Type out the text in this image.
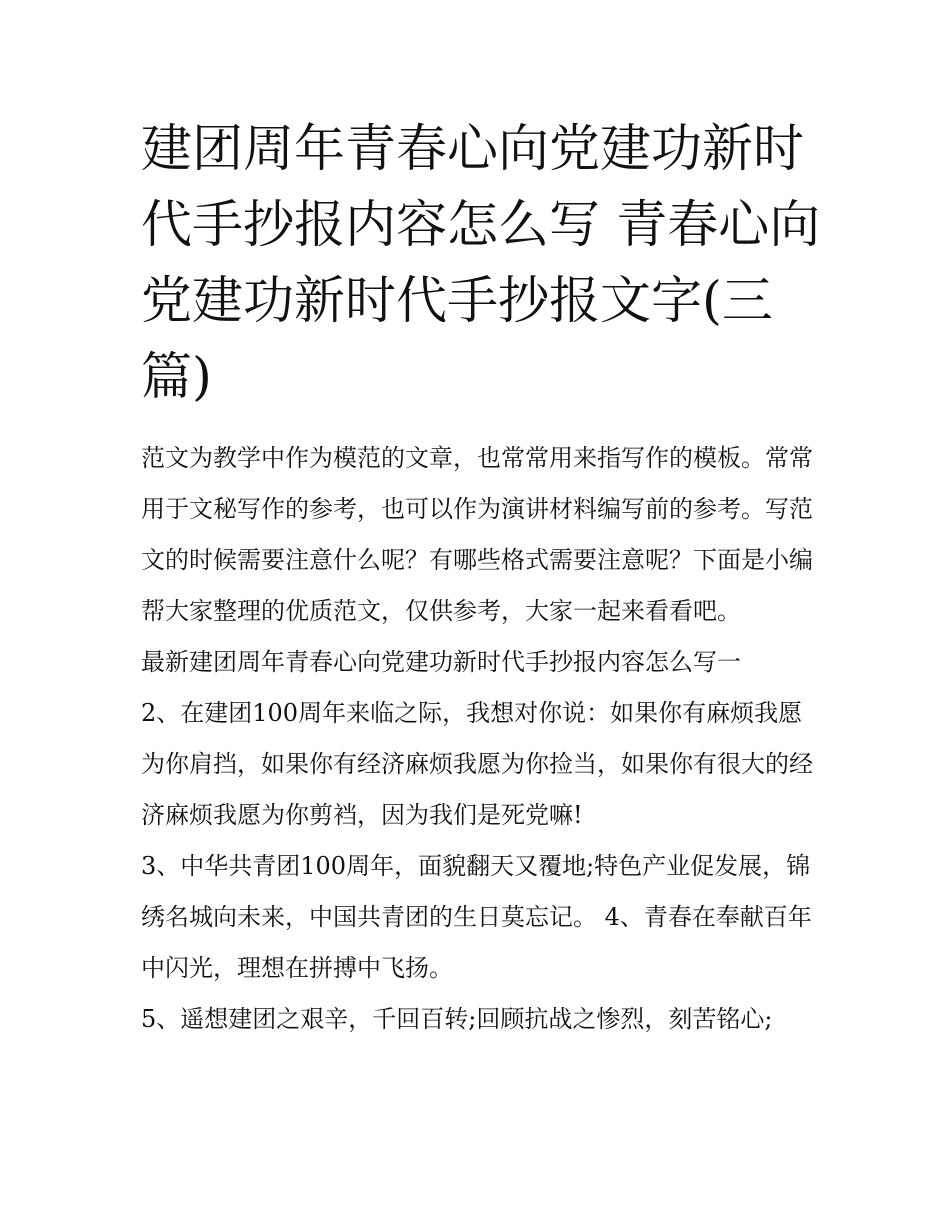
建团周年青春心向党建功新时代手抄报内容怎么写 青春心向党建功新时代手抄报文字(三篇)

范文为教学中作为模范的文章，也常常用来指写作的模板。常常用于文秘写作的参考，也可以作为演讲材料编写前的参考。写范文的时候需要注意什么呢？有哪些格式需要注意呢？下面是小编帮大家整理的优质范文，仅供参考，大家一起来看看吧。

最新建团周年青春心向党建功新时代手抄报内容怎么写一

2、在建团100周年来临之际，我想对你说：如果你有麻烦我愿为你肩挡，如果你有经济麻烦我愿为你捡当，如果你有很大的经济麻烦我愿为你剪裆，因为我们是死党嘛!

3、中华共青团100周年，面貌翻天又覆地;特色产业促发展，锦绣名城向未来，中国共青团的生日莫忘记。 4、青春在奉献百年中闪光，理想在拼搏中飞扬。

5、遥想建团之艰辛，千回百转;回顾抗战之惨烈，刻苦铭心;
